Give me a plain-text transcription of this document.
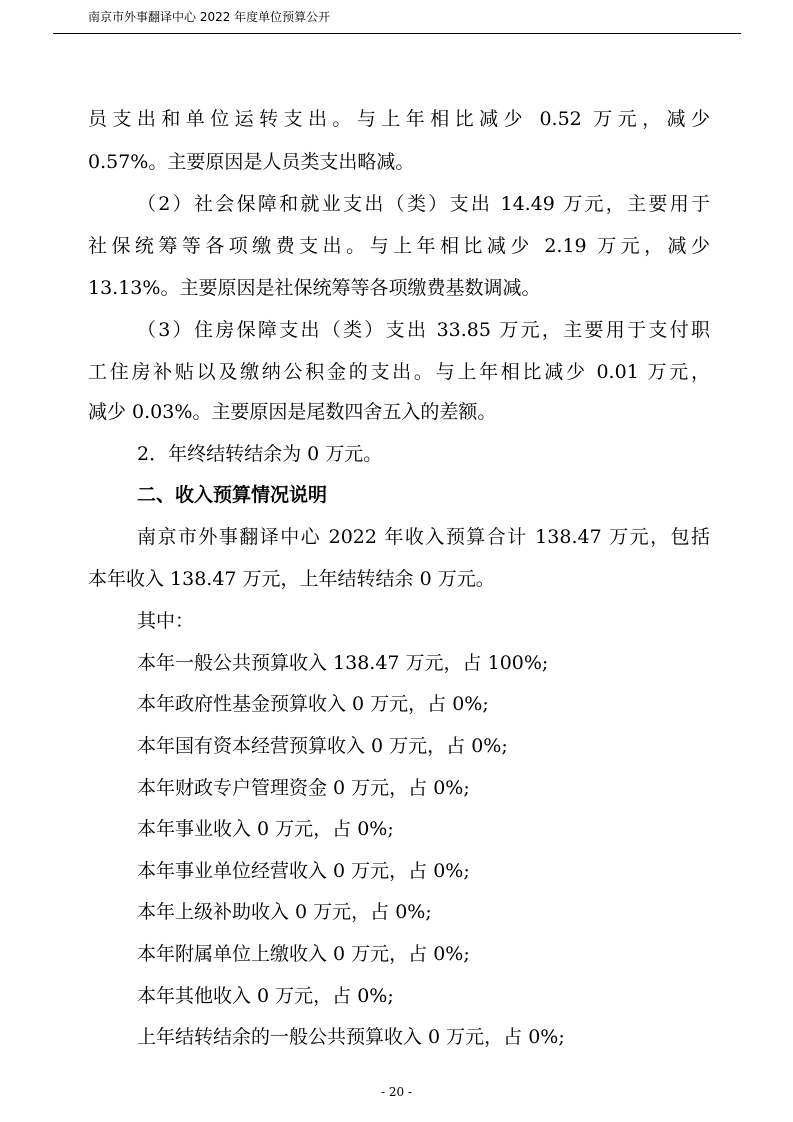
南京市外事翻译中心 2022 年度单位预算公开
员支出和单位运转支出。与上年相比减少 0.52 万元，减少
0.57%。主要原因是人员类支出略减。
（2）社会保障和就业支出（类）支出 14.49 万元，主要用于
社保统筹等各项缴费支出。与上年相比减少 2.19 万元，减少
13.13%。主要原因是社保统筹等各项缴费基数调减。
（3）住房保障支出（类）支出 33.85 万元，主要用于支付职
工住房补贴以及缴纳公积金的支出。与上年相比减少 0.01 万元，
减少 0.03%。主要原因是尾数四舍五入的差额。
2．年终结转结余为 0 万元。
二、收入预算情况说明
南京市外事翻译中心 2022 年收入预算合计 138.47 万元，包括
本年收入 138.47 万元，上年结转结余 0 万元。
其中：
本年一般公共预算收入 138.47 万元，占 100%;
本年政府性基金预算收入 0 万元，占 0%;
本年国有资本经营预算收入 0 万元，占 0%;
本年财政专户管理资金 0 万元，占 0%;
本年事业收入 0 万元，占 0%;
本年事业单位经营收入 0 万元，占 0%;
本年上级补助收入 0 万元，占 0%;
本年附属单位上缴收入 0 万元，占 0%;
本年其他收入 0 万元，占 0%;
上年结转结余的一般公共预算收入 0 万元，占 0%;
- 20 -
